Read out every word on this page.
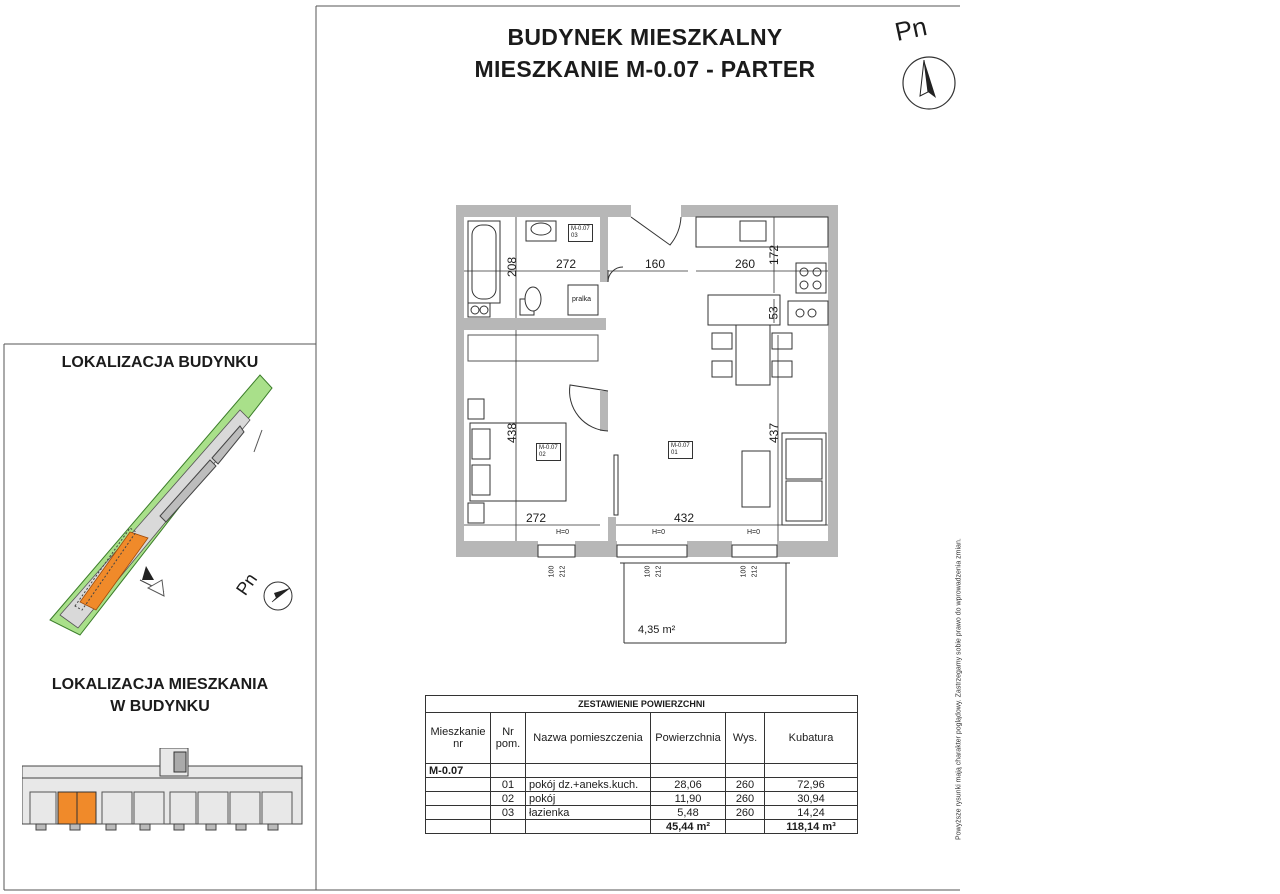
BUDYNEK MIESZKALNY
MIESZKANIE M-0.07 - PARTER
Pn
LOKALIZACJA BUDYNKU
LOKALIZACJA MIESZKANIA
W BUDYNKU
Pn
M-0.07
03
M-0.07
02
M-0.07
01
pralka
272
208	160	260 172
53
438
272	432
437
H=0	H=0	H=0
100 212	100 212	100 212
4,35 m²
ZESTAWIENIE POWIERZCHNI					
Mieszkanie nr	Nr pom.	Nazwa pomieszczenia	Powierzchnia	Wys.	Kubatura
M-0.07					
	01	pokój dz.+aneks.kuch.	28,06	260	72,96
	02	pokój	11,90	260	30,94
	03	łazienka	5,48	260	14,24
			45,44 m²		118,14 m³	Powyższe rysunki mają charakter poglądowy. Zastrzegamy sobie prawo do wprowadzenia zmian.
